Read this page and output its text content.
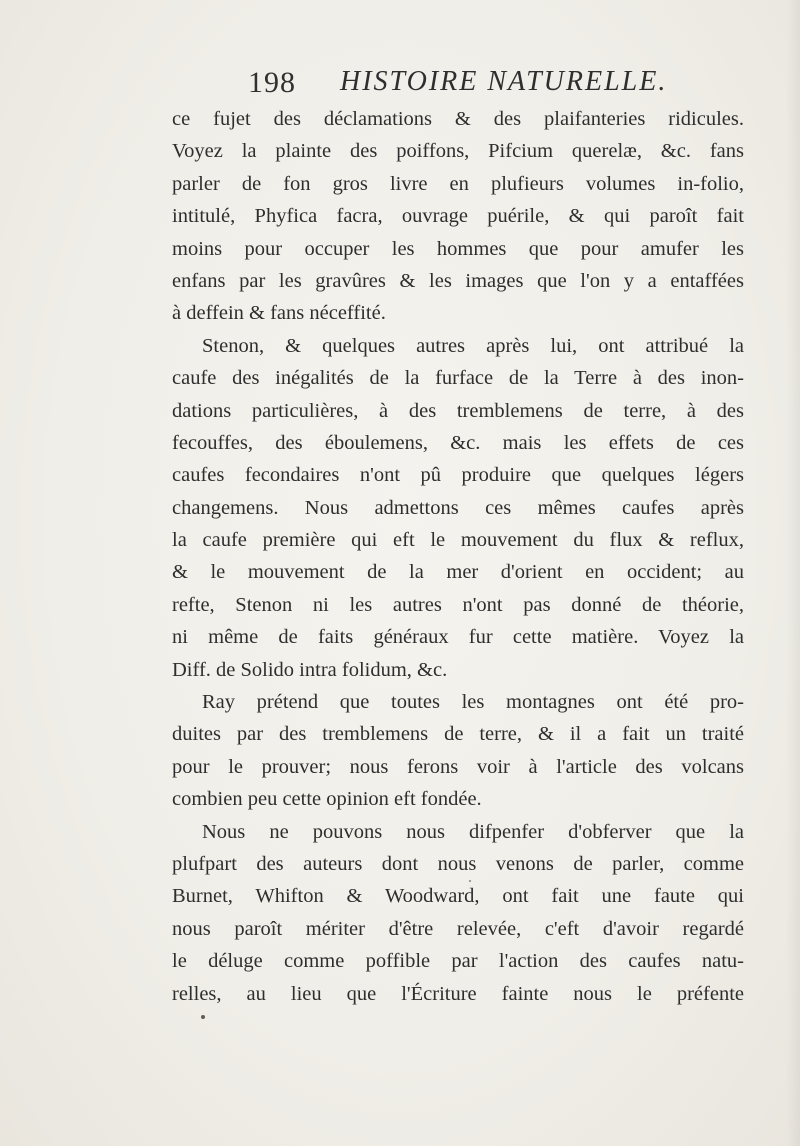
198 HISTOIRE NATURELLE.
ce fujet des déclamations & des plaifanteries ridicules.
Voyez la plainte des poiffons, Pifcium querelæ, &c. fans
parler de fon gros livre en plufieurs volumes in-folio,
intitulé, Phyfica facra, ouvrage puérile, & qui paroît fait
moins pour occuper les hommes que pour amufer les
enfans par les gravûres & les images que l'on y a entaffées
à deffein & fans néceffité.
Stenon, & quelques autres après lui, ont attribué la
caufe des inégalités de la furface de la Terre à des inon-
dations particulières, à des tremblemens de terre, à des
fecouffes, des éboulemens, &c. mais les effets de ces
caufes fecondaires n'ont pû produire que quelques légers
changemens. Nous admettons ces mêmes caufes après
la caufe première qui eft le mouvement du flux & reflux,
& le mouvement de la mer d'orient en occident; au
refte, Stenon ni les autres n'ont pas donné de théorie,
ni même de faits généraux fur cette matière. Voyez la
Diff. de Solido intra folidum, &c.
Ray prétend que toutes les montagnes ont été pro-
duites par des tremblemens de terre, & il a fait un traité
pour le prouver; nous ferons voir à l'article des volcans
combien peu cette opinion eft fondée.
Nous ne pouvons nous difpenfer d'obferver que la
plufpart des auteurs dont nous venons de parler, comme
Burnet, Whifton & Woodward, ont fait une faute qui
nous paroît mériter d'être relevée, c'eft d'avoir regardé
le déluge comme poffible par l'action des caufes natu-
relles, au lieu que l'Écriture fainte nous le préfente
